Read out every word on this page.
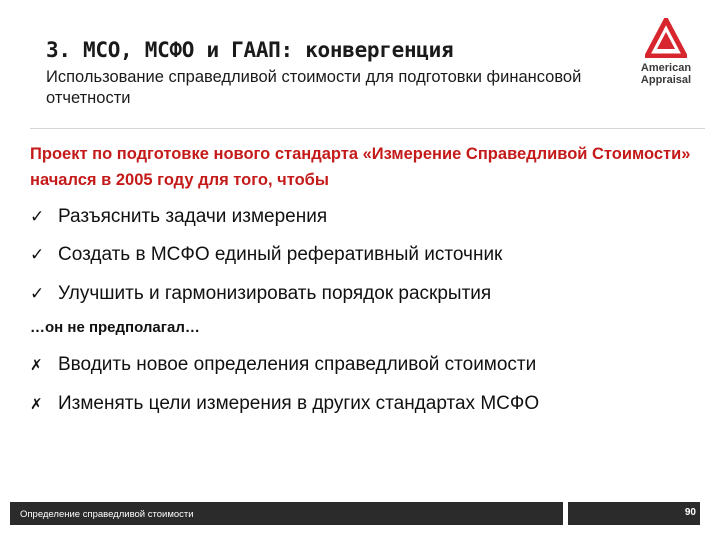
3. МСО, МСФО и ГААП: конвергенция
Использование справедливой стоимости для подготовки финансовой отчетности
American
Appraisal
Проект по подготовке нового стандарта «Измерение Справедливой Стоимости» начался в 2005 году для того, чтобы
✓ Разъяснить задачи измерения
✓ Создать в МСФО единый реферативный источник
✓ Улучшить и гармонизировать порядок раскрытия
…он не предполагал…
✗ Вводить новое определения справедливой стоимости
✗ Изменять цели измерения в других стандартах МСФО
Определение справедливой стоимости	90
